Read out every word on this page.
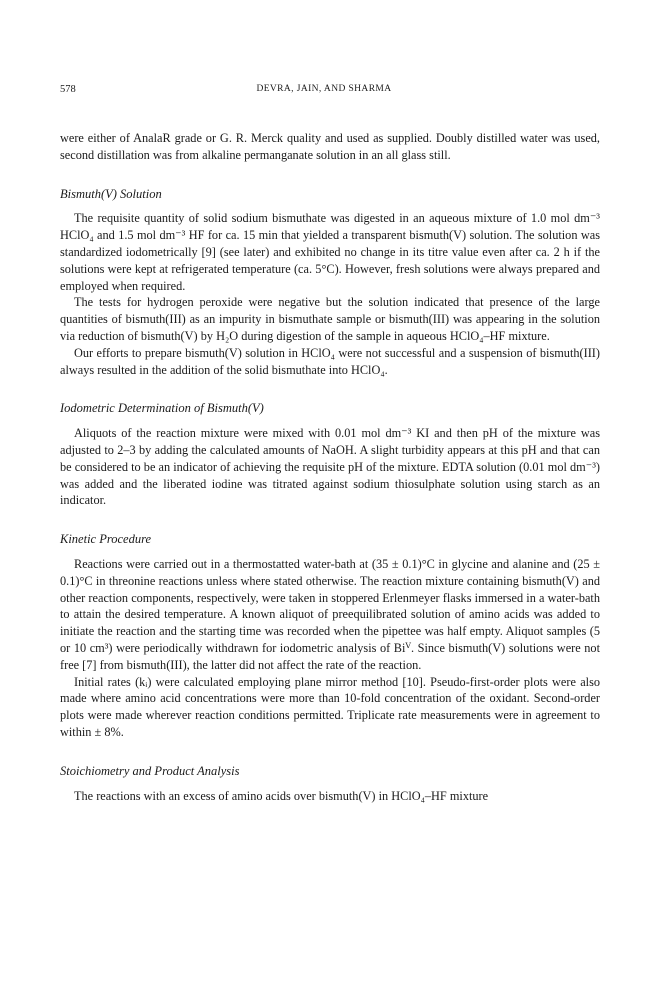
578	DEVRA, JAIN, AND SHARMA

were either of AnalaR grade or G. R. Merck quality and used as supplied. Doubly distilled water was used, second distillation was from alkaline permanganate solution in an all glass still.

Bismuth(V) Solution

The requisite quantity of solid sodium bismuthate was digested in an aqueous mixture of 1.0 mol dm⁻³ HClO₄ and 1.5 mol dm⁻³ HF for ca. 15 min that yielded a transparent bismuth(V) solution. The solution was standardized iodometrically [9] (see later) and exhibited no change in its titre value even after ca. 2 h if the solutions were kept at refrigerated temperature (ca. 5°C). However, fresh solutions were always prepared and employed when required.

The tests for hydrogen peroxide were negative but the solution indicated that presence of the large quantities of bismuth(III) as an impurity in bismuthate sample or bismuth(III) was appearing in the solution via reduction of bismuth(V) by H₂O during digestion of the sample in aqueous HClO₄–HF mixture.

Our efforts to prepare bismuth(V) solution in HClO₄ were not successful and a suspension of bismuth(III) always resulted in the addition of the solid bismuthate into HClO₄.

Iodometric Determination of Bismuth(V)

Aliquots of the reaction mixture were mixed with 0.01 mol dm⁻³ KI and then pH of the mixture was adjusted to 2–3 by adding the calculated amounts of NaOH. A slight turbidity appears at this pH and that can be considered to be an indicator of achieving the requisite pH of the mixture. EDTA solution (0.01 mol dm⁻³) was added and the liberated iodine was titrated against sodium thiosulphate solution using starch as an indicator.

Kinetic Procedure

Reactions were carried out in a thermostatted water-bath at (35 ± 0.1)°C in glycine and alanine and (25 ± 0.1)°C in threonine reactions unless where stated otherwise. The reaction mixture containing bismuth(V) and other reaction components, respectively, were taken in stoppered Erlenmeyer flasks immersed in a water-bath to attain the desired temperature. A known aliquot of preequilibrated solution of amino acids was added to initiate the reaction and the starting time was recorded when the pipettee was half empty. Aliquot samples (5 or 10 cm³) were periodically withdrawn for iodometric analysis of Biⱽ. Since bismuth(V) solutions were not free [7] from bismuth(III), the latter did not affect the rate of the reaction.

Initial rates (kᵢ) were calculated employing plane mirror method [10]. Pseudo-first-order plots were also made where amino acid concentrations were more than 10-fold concentration of the oxidant. Second-order plots were made wherever reaction conditions permitted. Triplicate rate measurements were in agreement to within ± 8%.

Stoichiometry and Product Analysis

The reactions with an excess of amino acids over bismuth(V) in HClO₄–HF mixture
